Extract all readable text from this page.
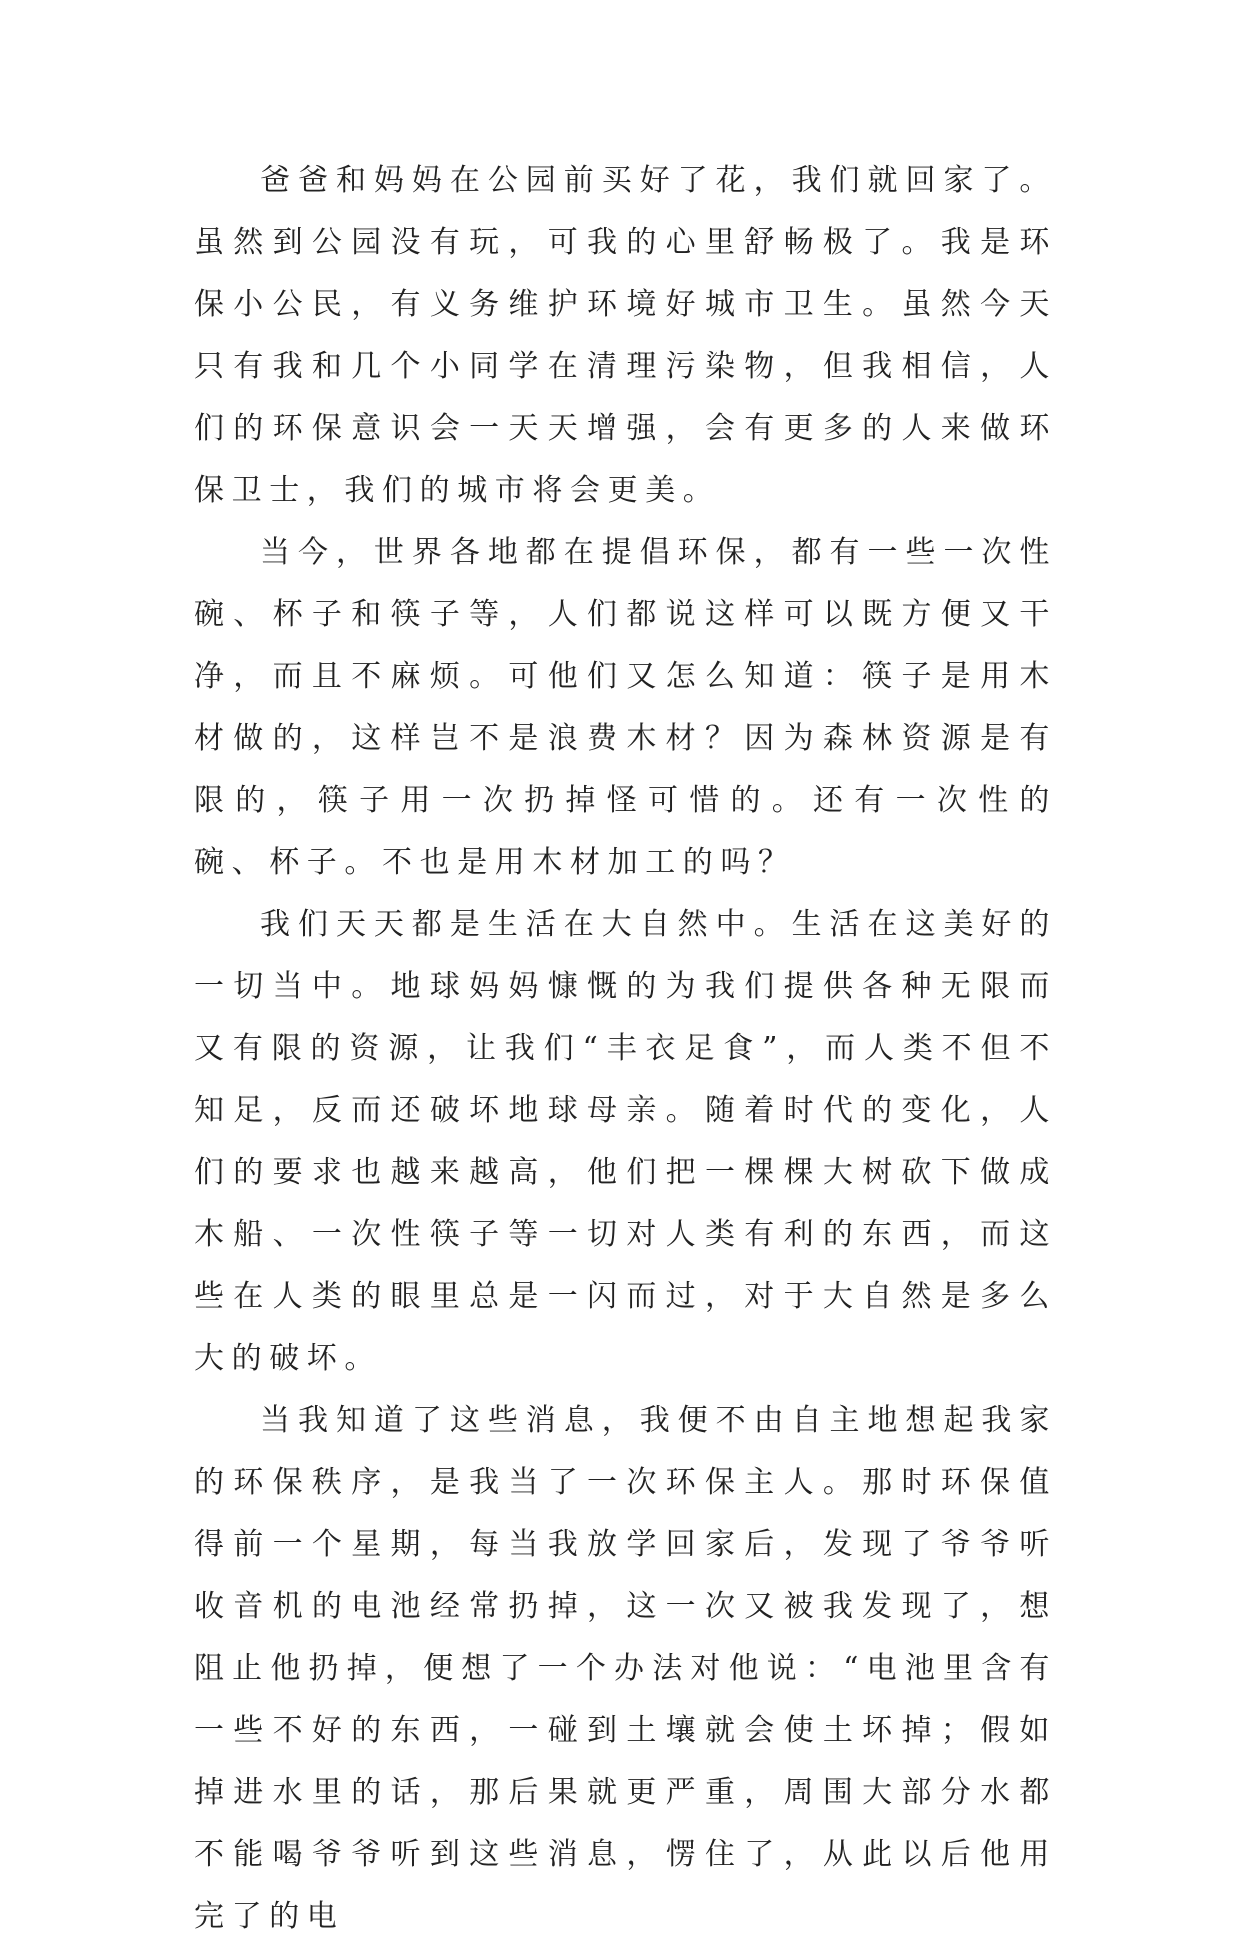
爸爸和妈妈在公园前买好了花，我们就回家了。虽然到公园没有玩，可我的心里舒畅极了。我是环保小公民，有义务维护环境好城市卫生。虽然今天只有我和几个小同学在清理污染物，但我相信，人们的环保意识会一天天增强，会有更多的人来做环保卫士，我们的城市将会更美。

当今，世界各地都在提倡环保，都有一些一次性碗、杯子和筷子等，人们都说这样可以既方便又干净，而且不麻烦。可他们又怎么知道：筷子是用木材做的，这样岂不是浪费木材？因为森林资源是有限的，筷子用一次扔掉怪可惜的。还有一次性的碗、杯子。不也是用木材加工的吗？

我们天天都是生活在大自然中。生活在这美好的一切当中。地球妈妈慷慨的为我们提供各种无限而又有限的资源，让我们“丰衣足食”，而人类不但不知足，反而还破坏地球母亲。随着时代的变化，人们的要求也越来越高，他们把一棵棵大树砍下做成木船、一次性筷子等一切对人类有利的东西，而这些在人类的眼里总是一闪而过，对于大自然是多么大的破坏。

当我知道了这些消息，我便不由自主地想起我家的环保秩序，是我当了一次环保主人。那时环保值得前一个星期，每当我放学回家后，发现了爷爷听收音机的电池经常扔掉，这一次又被我发现了，想阻止他扔掉，便想了一个办法对他说：“电池里含有一些不好的东西，一碰到土壤就会使土坏掉；假如掉进水里的话，那后果就更严重，周围大部分水都不能喝爷爷听到这些消息，愣住了，从此以后他用完了的电
